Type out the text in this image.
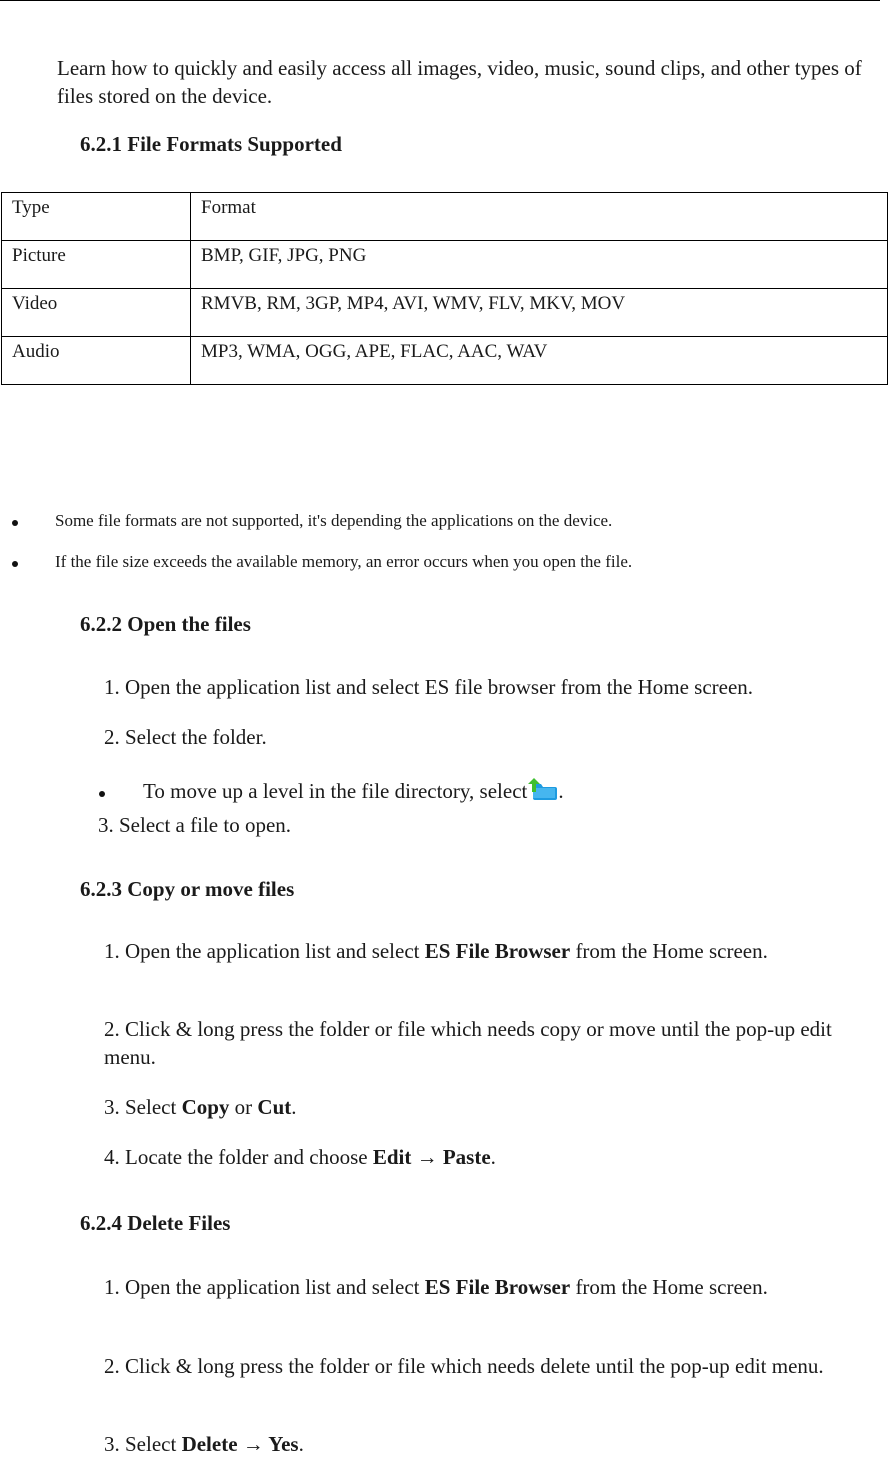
Learn how to quickly and easily access all images, video, music, sound clips, and other types of files stored on the device.
6.2.1 File Formats Supported
Type	Format
Picture	BMP, GIF, JPG, PNG
Video	RMVB, RM, 3GP, MP4, AVI, WMV, FLV, MKV, MOV
Audio	MP3, WMA, OGG, APE, FLAC, AAC, WAV
Some file formats are not supported, it's depending the applications on the device.
If the file size exceeds the available memory, an error occurs when you open the file.
6.2.2 Open the files
1. Open the application list and select ES file browser from the Home screen.
2. Select the folder.
To move up a level in the file directory, select .
3. Select a file to open.
6.2.3 Copy or move files
1. Open the application list and select ES File Browser from the Home screen.
2. Click & long press the folder or file which needs copy or move until the pop-up edit menu.
3. Select Copy or Cut.
4. Locate the folder and choose Edit → Paste.
6.2.4 Delete Files
1. Open the application list and select ES File Browser from the Home screen.
2. Click & long press the folder or file which needs delete until the pop-up edit menu.
3. Select Delete → Yes.
